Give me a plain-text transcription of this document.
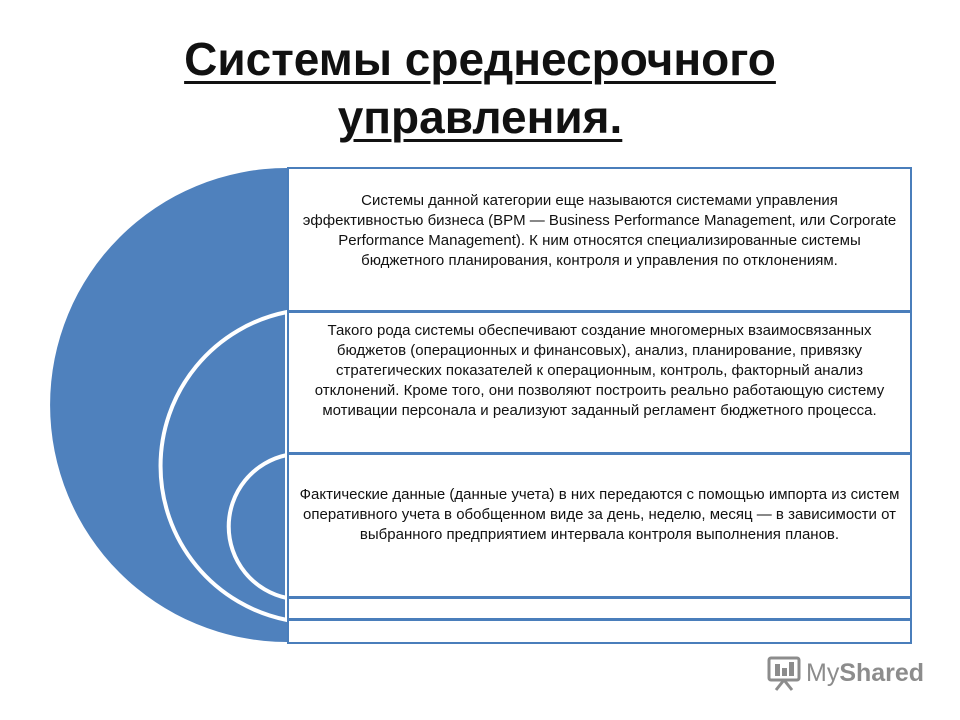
Системы среднесрочного
управления.

Системы данной категории еще называются системами управления эффективностью бизнеса (BPM — Business Performance Management, или Corporate Performance Management). К ним относятся специализированные системы бюджетного планирования, контроля и управления по отклонениям.

Такого рода системы обеспечивают создание многомерных взаимосвязанных бюджетов (операционных и финансовых), анализ, планирование, привязку стратегических показателей к операционным, контроль, факторный анализ отклонений. Кроме того, они позволяют построить реально работающую систему мотивации персонала и реализуют заданный регламент бюджетного процесса.

Фактические данные (данные учета) в них передаются с помощью импорта из систем оперативного учета в обобщенном виде за день, неделю, месяц — в зависимости от выбранного предприятием интервала контроля выполнения планов.

MyShared
